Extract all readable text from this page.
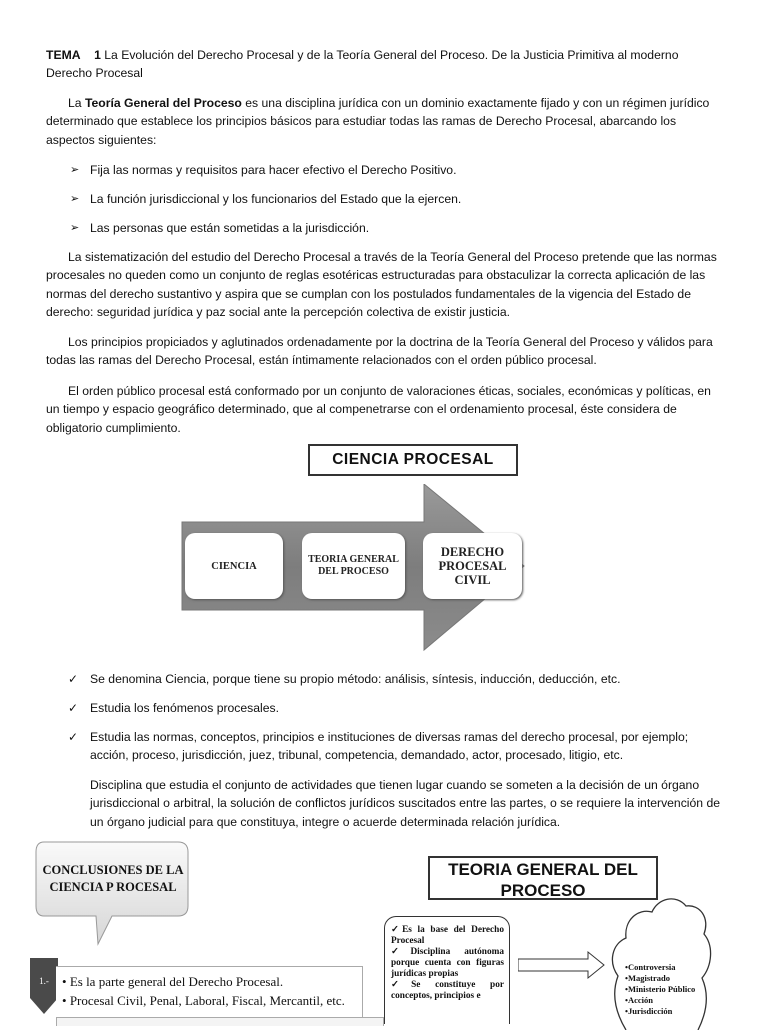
TEMA 1 La Evolución del Derecho Procesal y de la Teoría General del Proceso. De la Justicia Primitiva al moderno Derecho Procesal

La Teoría General del Proceso es una disciplina jurídica con un dominio exactamente fijado y con un régimen jurídico determinado que establece los principios básicos para estudiar todas las ramas de Derecho Procesal, abarcando los aspectos siguientes:

➢ Fija las normas y requisitos para hacer efectivo el Derecho Positivo.
➢ La función jurisdiccional y los funcionarios del Estado que la ejercen.
➢ Las personas que están sometidas a la jurisdicción.

La sistematización del estudio del Derecho Procesal a través de la Teoría General del Proceso pretende que las normas procesales no queden como un conjunto de reglas esotéricas estructuradas para obstaculizar la correcta aplicación de las normas del derecho sustantivo y aspira que se cumplan con los postulados fundamentales de la vigencia del Estado de derecho: seguridad jurídica y paz social ante la percepción colectiva de existir justicia.

Los principios propiciados y aglutinados ordenadamente por la doctrina de la Teoría General del Proceso y válidos para todas las ramas del Derecho Procesal, están íntimamente relacionados con el orden público procesal.

El orden público procesal está conformado por un conjunto de valoraciones éticas, sociales, económicas y políticas, en un tiempo y espacio geográfico determinado, que al compenetrarse con el ordenamiento procesal, éste considera de obligatorio cumplimiento.

CIENCIA PROCESAL
CIENCIA
TEORIA GENERAL DEL PROCESO
DERECHO PROCESAL CIVIL
✓ Se denomina Ciencia, porque tiene su propio método: análisis, síntesis, inducción, deducción, etc.
✓ Estudia los fenómenos procesales.
✓ Estudia las normas, conceptos, principios e instituciones de diversas ramas del derecho procesal, por ejemplo; acción, proceso, jurisdicción, juez, tribunal, competencia, demandado, actor, procesado, litigio, etc.

Disciplina que estudia el conjunto de actividades que tienen lugar cuando se someten a la decisión de un órgano jurisdiccional o arbitral, la solución de conflictos jurídicos suscitados entre las partes, o se requiere la intervención de un órgano judicial para que constituya, integre o acuerde determinada relación jurídica.

CONCLUSIONES DE LA CIENCIA P ROCESAL
1.-	• Es la parte general del Derecho Procesal.
• Procesal Civil, Penal, Laboral, Fiscal, Mercantil, etc.
TEORIA GENERAL DEL PROCESO
✓Es la base del Derecho Procesal
✓Disciplina autónoma porque cuenta con figuras jurídicas propias
✓Se constituye por conceptos, principios e
•Controversia
•Magistrado
•Ministerio Público
•Acción
•Jurisdicción
